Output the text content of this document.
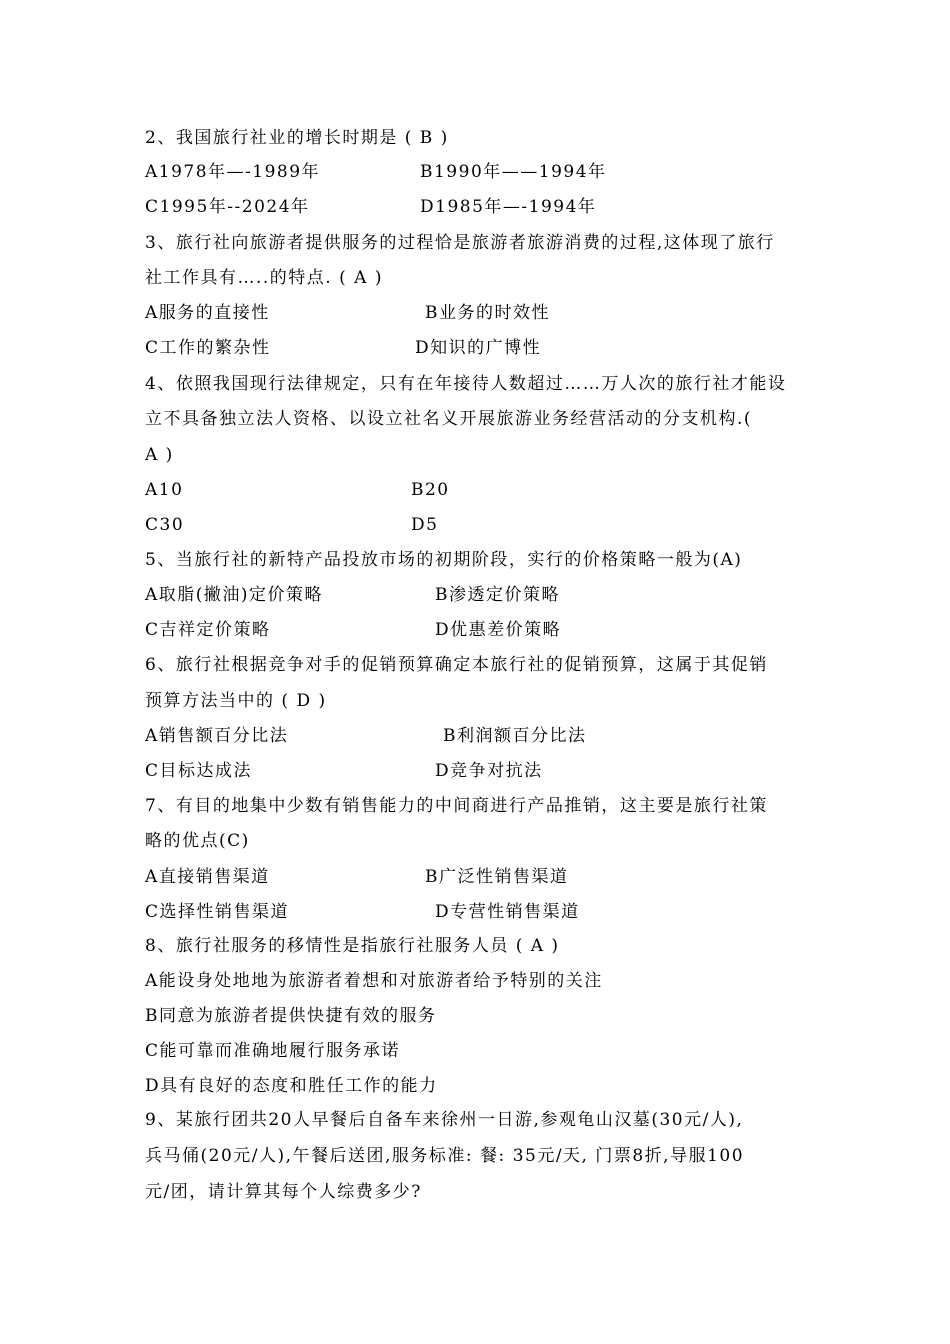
2、我国旅行社业的增长时期是 ( B )
A1978年—-1989年	B1990年——1994年
C1995年--2024年	D1985年—-1994年
3、旅行社向旅游者提供服务的过程恰是旅游者旅游消费的过程,这体现了旅行
社工作具有…..的特点. ( A )
A服务的直接性	B业务的时效性
C工作的繁杂性	D知识的广博性
4、依照我国现行法律规定，只有在年接待人数超过……万人次的旅行社才能设
立不具备独立法人资格、以设立社名义开展旅游业务经营活动的分支机构.(
A )
A10	B20
C30	D5
5、当旅行社的新特产品投放市场的初期阶段，实行的价格策略一般为(A)
A取脂(撇油)定价策略	B渗透定价策略
C吉祥定价策略	D优惠差价策略
6、旅行社根据竞争对手的促销预算确定本旅行社的促销预算，这属于其促销
预算方法当中的 ( D )
A销售额百分比法	B利润额百分比法
C目标达成法	D竞争对抗法
7、有目的地集中少数有销售能力的中间商进行产品推销，这主要是旅行社策
略的优点(C)
A直接销售渠道	B广泛性销售渠道
C选择性销售渠道	D专营性销售渠道
8、旅行社服务的移情性是指旅行社服务人员 ( A )
A能设身处地地为旅游者着想和对旅游者给予特别的关注
B同意为旅游者提供快捷有效的服务
C能可靠而准确地履行服务承诺
D具有良好的态度和胜任工作的能力
9、某旅行团共20人早餐后自备车来徐州一日游,参观龟山汉墓(30元/人),
兵马俑(20元/人),午餐后送团,服务标准: 餐: 35元/天, 门票8折,导服100
元/团，请计算其每个人综费多少?
